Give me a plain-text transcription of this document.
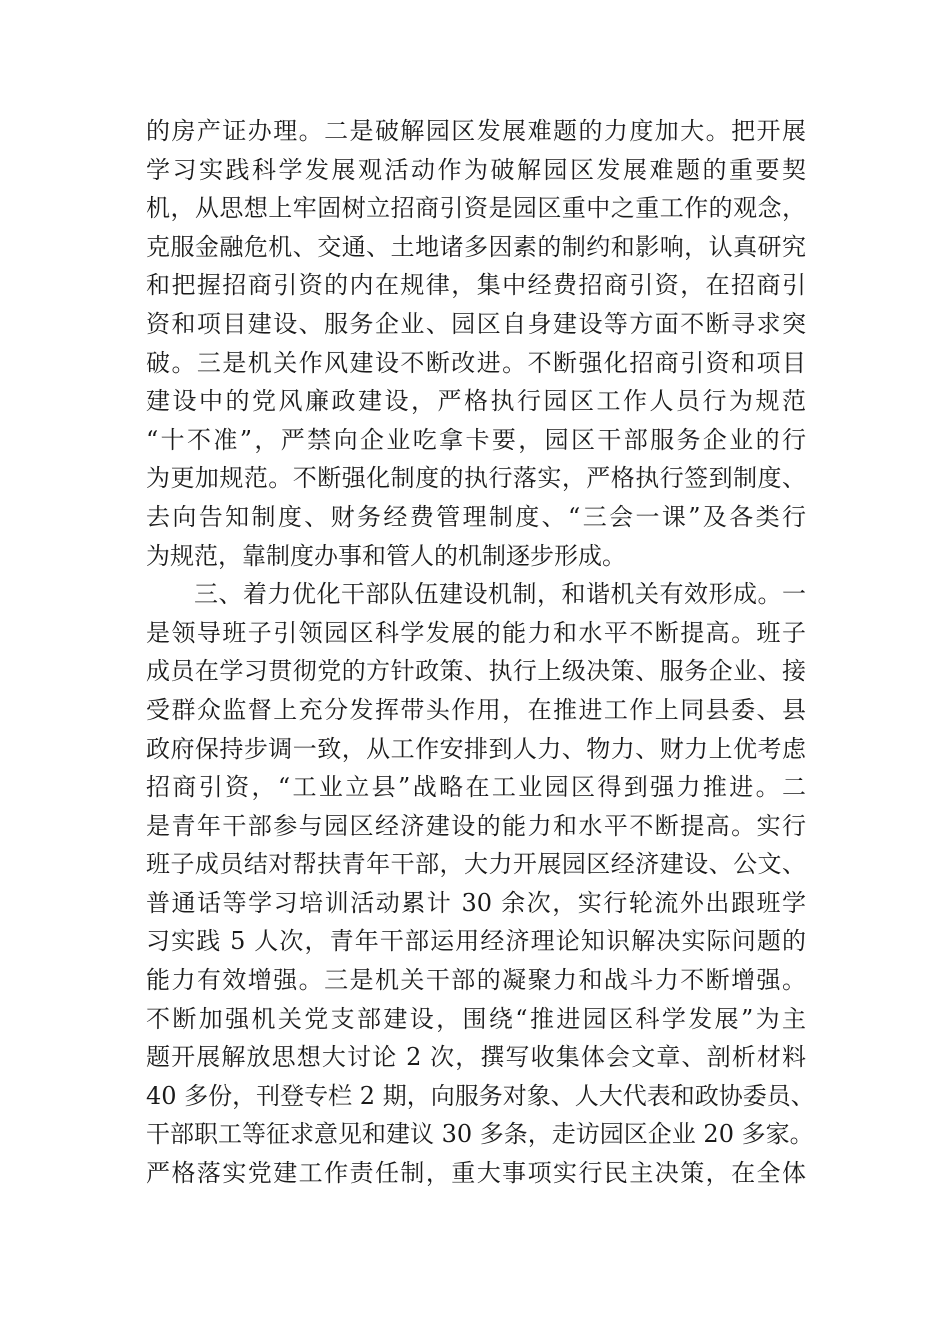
的房产证办理。二是破解园区发展难题的力度加大。把开展
学习实践科学发展观活动作为破解园区发展难题的重要契
机，从思想上牢固树立招商引资是园区重中之重工作的观念，
克服金融危机、交通、土地诸多因素的制约和影响，认真研究
和把握招商引资的内在规律，集中经费招商引资，在招商引
资和项目建设、服务企业、园区自身建设等方面不断寻求突
破。三是机关作风建设不断改进。不断强化招商引资和项目
建设中的党风廉政建设，严格执行园区工作人员行为规范
“十不准”，严禁向企业吃拿卡要，园区干部服务企业的行
为更加规范。不断强化制度的执行落实，严格执行签到制度、
去向告知制度、财务经费管理制度、“三会一课”及各类行
为规范，靠制度办事和管人的机制逐步形成。
三、着力优化干部队伍建设机制，和谐机关有效形成。一
是领导班子引领园区科学发展的能力和水平不断提高。班子
成员在学习贯彻党的方针政策、执行上级决策、服务企业、接
受群众监督上充分发挥带头作用，在推进工作上同县委、县
政府保持步调一致，从工作安排到人力、物力、财力上优考虑
招商引资，“工业立县”战略在工业园区得到强力推进。二
是青年干部参与园区经济建设的能力和水平不断提高。实行
班子成员结对帮扶青年干部，大力开展园区经济建设、公文、
普通话等学习培训活动累计 30 余次，实行轮流外出跟班学
习实践 5 人次，青年干部运用经济理论知识解决实际问题的
能力有效增强。三是机关干部的凝聚力和战斗力不断增强。
不断加强机关党支部建设，围绕“推进园区科学发展”为主
题开展解放思想大讨论 2 次，撰写收集体会文章、剖析材料
40 多份，刊登专栏 2 期，向服务对象、人大代表和政协委员、
干部职工等征求意见和建议 30 多条，走访园区企业 20 多家。
严格落实党建工作责任制，重大事项实行民主决策，在全体
